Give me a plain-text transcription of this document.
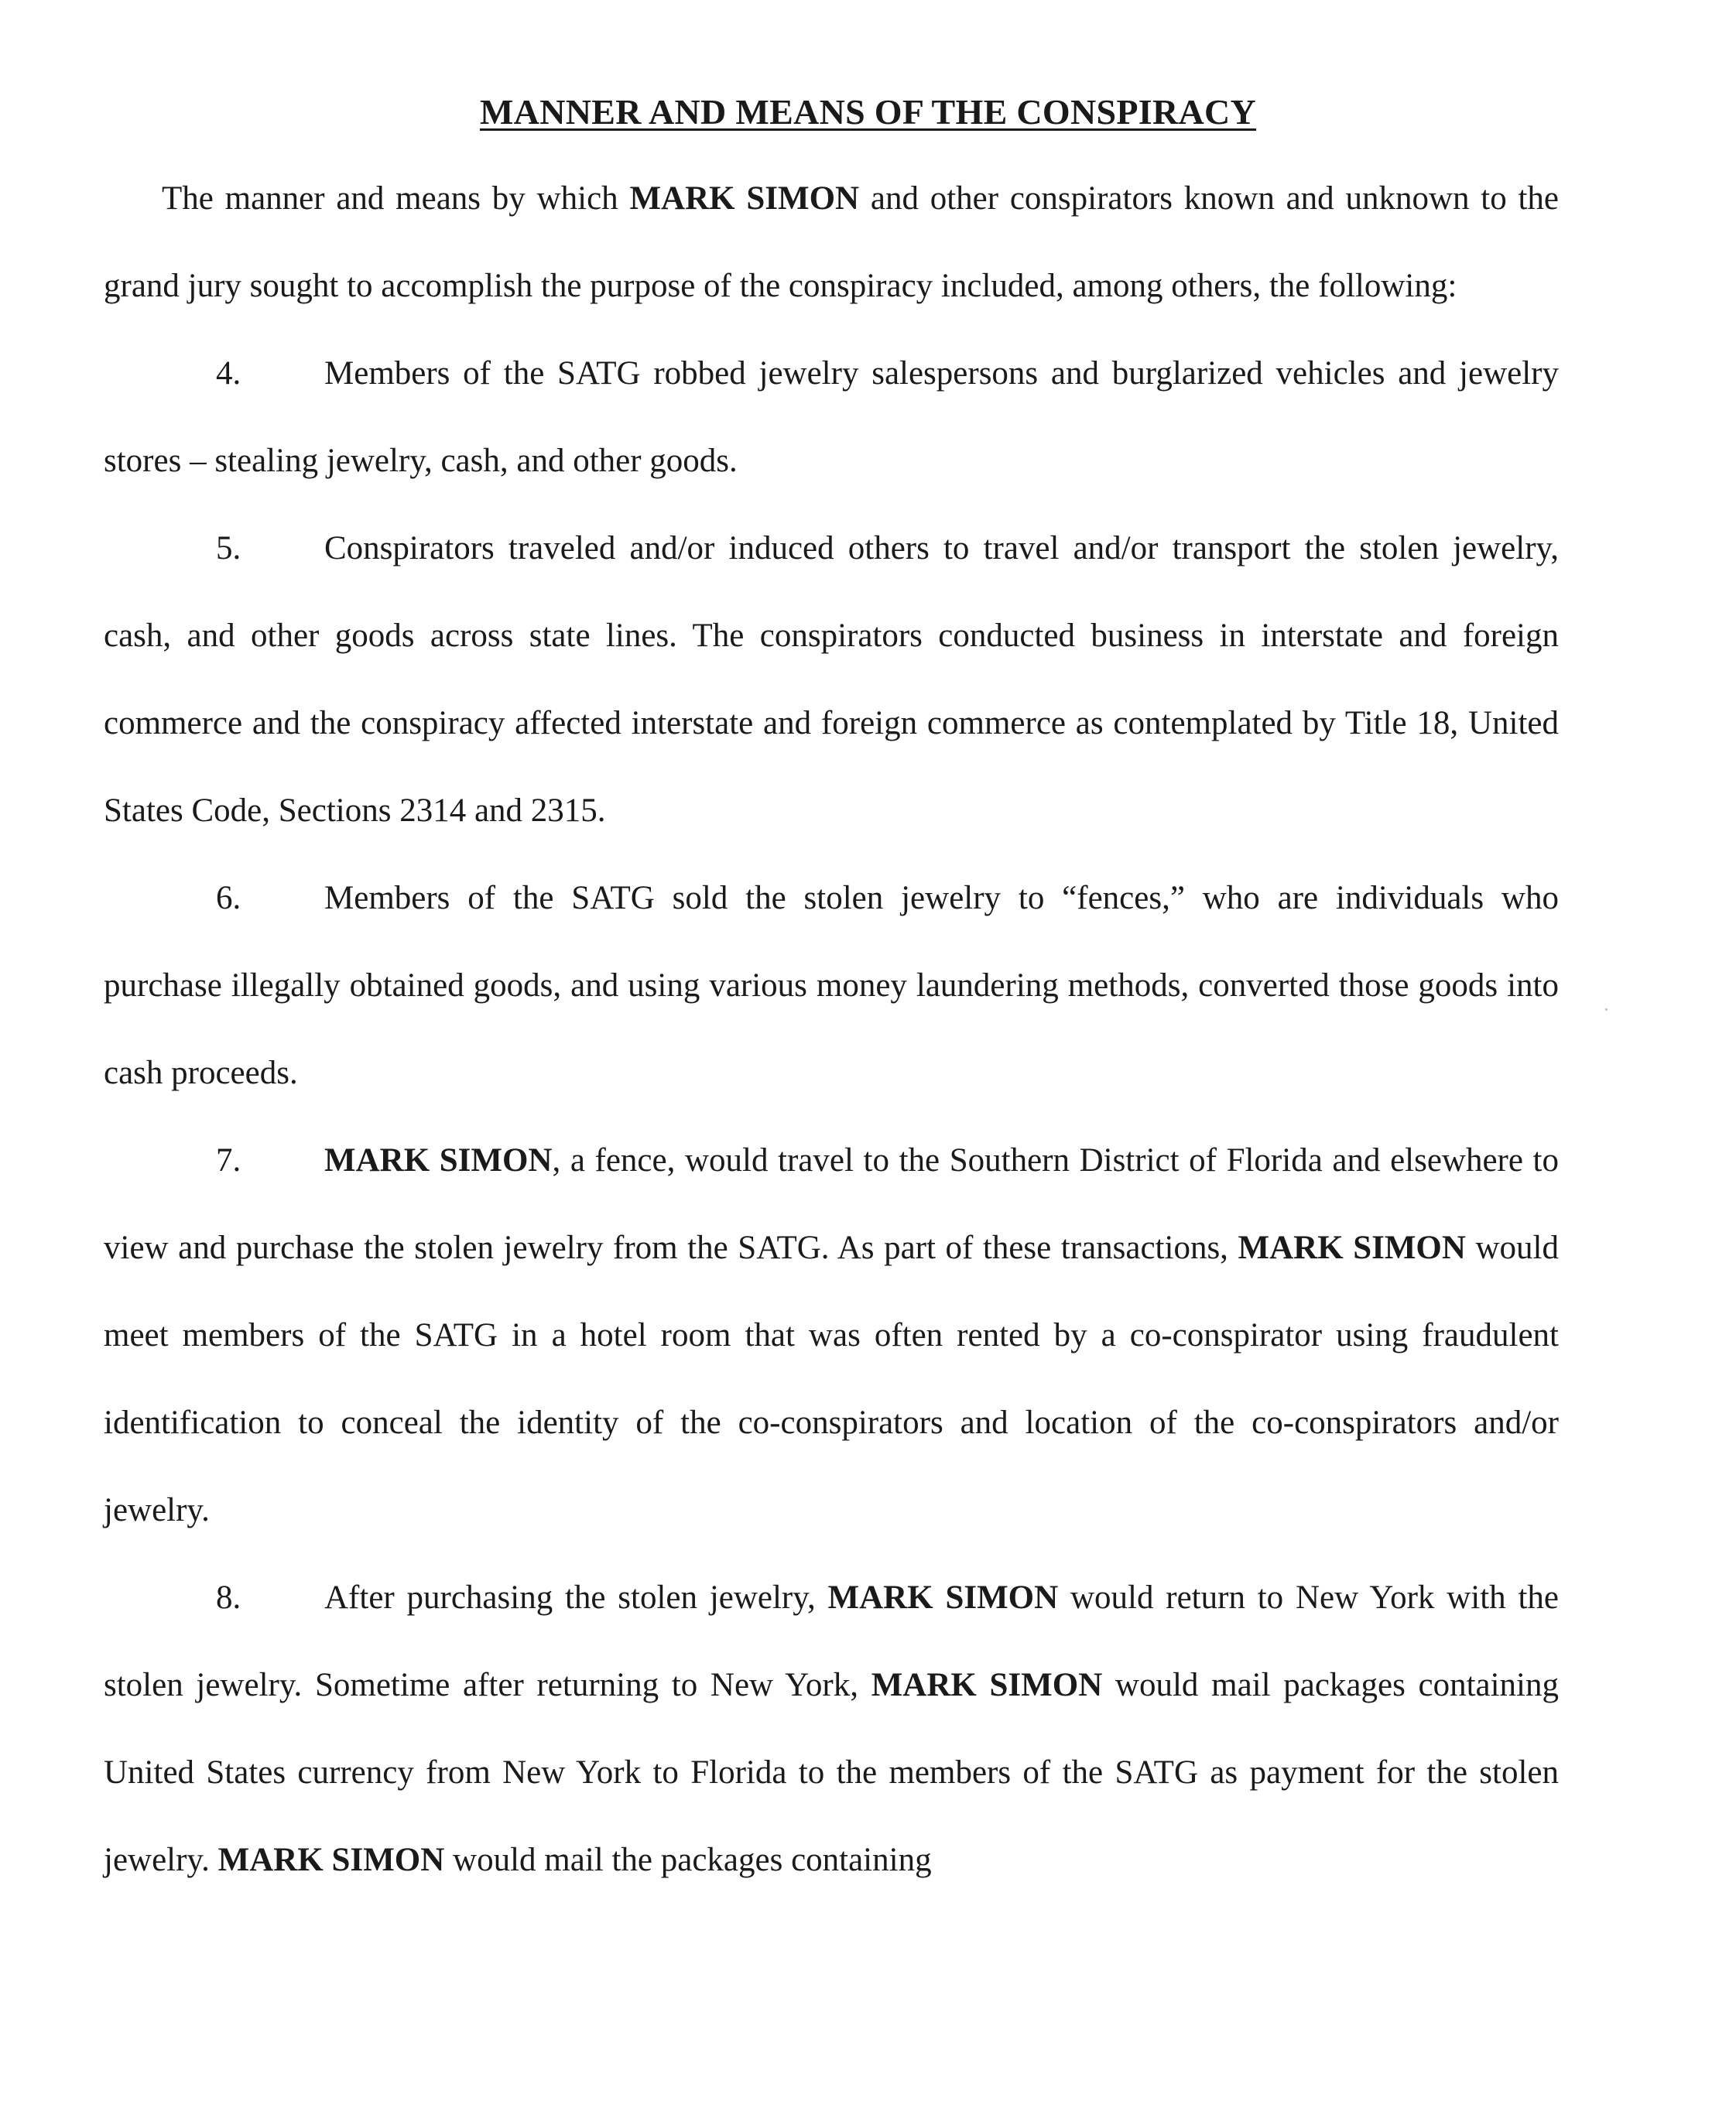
MANNER AND MEANS OF THE CONSPIRACY

The manner and means by which MARK SIMON and other conspirators known and unknown to the grand jury sought to accomplish the purpose of the conspiracy included, among others, the following:

4.	Members of the SATG robbed jewelry salespersons and burglarized vehicles and jewelry stores – stealing jewelry, cash, and other goods.

5.	Conspirators traveled and/or induced others to travel and/or transport the stolen jewelry, cash, and other goods across state lines. The conspirators conducted business in interstate and foreign commerce and the conspiracy affected interstate and foreign commerce as contemplated by Title 18, United States Code, Sections 2314 and 2315.

6.	Members of the SATG sold the stolen jewelry to “fences,” who are individuals who purchase illegally obtained goods, and using various money laundering methods, converted those goods into cash proceeds.

7.	MARK SIMON, a fence, would travel to the Southern District of Florida and elsewhere to view and purchase the stolen jewelry from the SATG. As part of these transactions, MARK SIMON would meet members of the SATG in a hotel room that was often rented by a co-conspirator using fraudulent identification to conceal the identity of the co-conspirators and location of the co-conspirators and/or jewelry.

8.	After purchasing the stolen jewelry, MARK SIMON would return to New York with the stolen jewelry. Sometime after returning to New York, MARK SIMON would mail packages containing United States currency from New York to Florida to the members of the SATG as payment for the stolen jewelry. MARK SIMON would mail the packages containing
